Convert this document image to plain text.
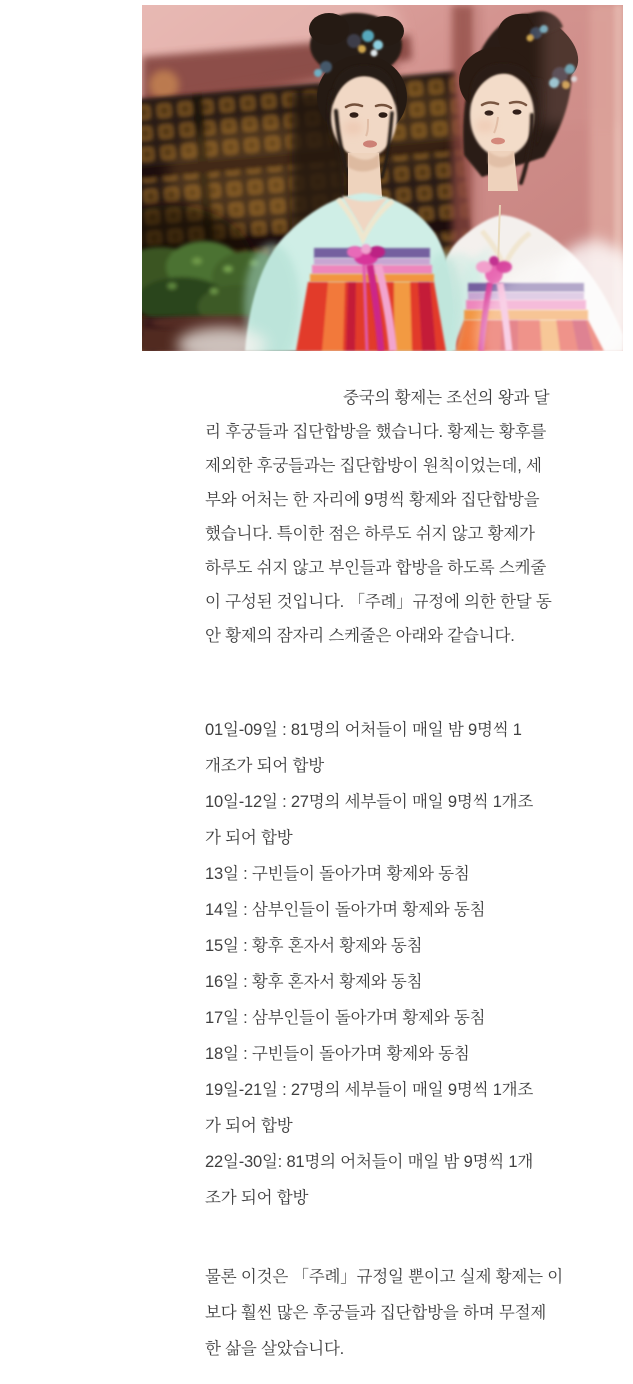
중국의 황제는 조선의 왕과 달
리 후궁들과 집단합방을 했습니다. 황제는 황후를
제외한 후궁들과는 집단합방이 원칙이었는데, 세
부와 어처는 한 자리에 9명씩 황제와 집단합방을
했습니다. 특이한 점은 하루도 쉬지 않고 황제가
하루도 쉬지 않고 부인들과 합방을 하도록 스케줄
이 구성된 것입니다. 「주례」규정에 의한 한달 동
안 황제의 잠자리 스케줄은 아래와 같습니다.
01일-09일 : 81명의 어처들이 매일 밤 9명씩 1
개조가 되어 합방
10일-12일 : 27명의 세부들이 매일 9명씩 1개조
가 되어 합방
13일 : 구빈들이 돌아가며 황제와 동침
14일 : 삼부인들이 돌아가며 황제와 동침
15일 : 황후 혼자서 황제와 동침
16일 : 황후 혼자서 황제와 동침
17일 : 삼부인들이 돌아가며 황제와 동침
18일 : 구빈들이 돌아가며 황제와 동침
19일-21일 : 27명의 세부들이 매일 9명씩 1개조
가 되어 합방
22일-30일: 81명의 어처들이 매일 밤 9명씩 1개
조가 되어 합방
물론 이것은 「주례」규정일 뿐이고 실제 황제는 이
보다 훨씬 많은 후궁들과 집단합방을 하며 무절제
한 삶을 살았습니다.
